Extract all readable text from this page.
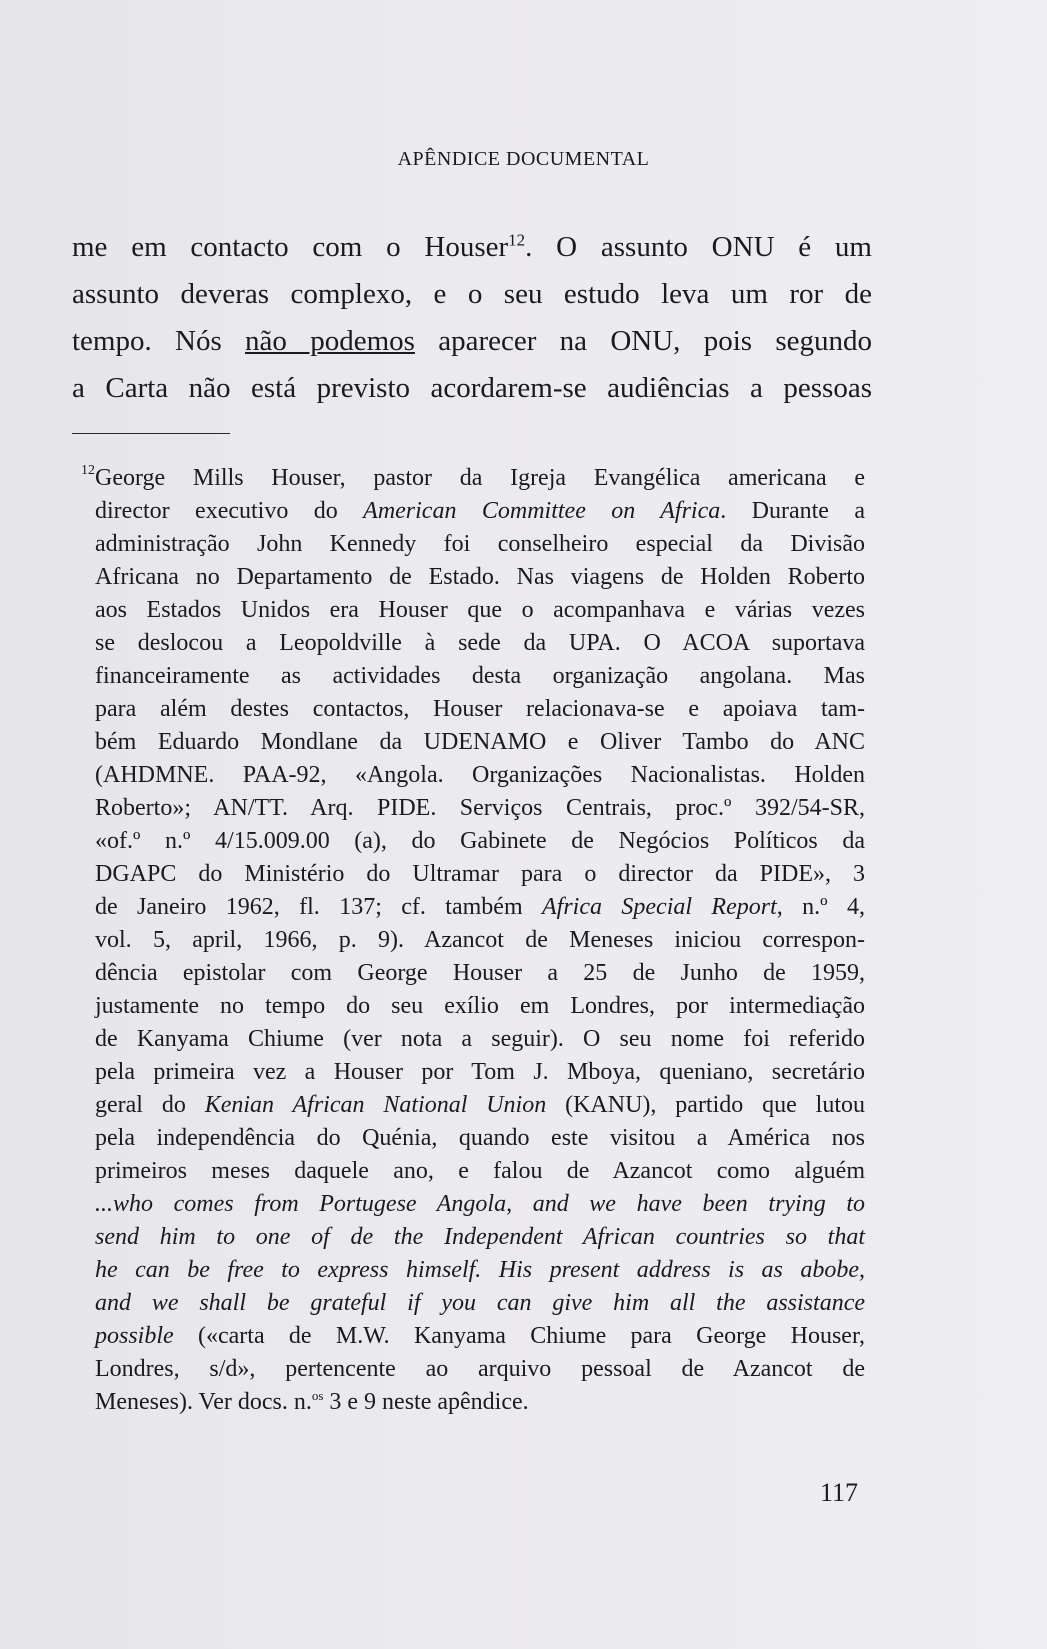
APÊNDICE DOCUMENTAL
me em contacto com o Houser$^{12}$. O assunto ONU é um
assunto deveras complexo, e o seu estudo leva um ror de
tempo. Nós não podemos aparecer na ONU, pois segundo
a Carta não está previsto acordarem-se audiências a pessoas
12 George Mills Houser, pastor da Igreja Evangélica americana e
director executivo do American Committee on Africa. Durante a
administração John Kennedy foi conselheiro especial da Divisão
Africana no Departamento de Estado. Nas viagens de Holden Roberto
aos Estados Unidos era Houser que o acompanhava e várias vezes
se deslocou a Leopoldville à sede da UPA. O ACOA suportava
financeiramente as actividades desta organização angolana. Mas
para além destes contactos, Houser relacionava-se e apoiava tam-
bém Eduardo Mondlane da UDENAMO e Oliver Tambo do ANC
(AHDMNE. PAA-92, «Angola. Organizações Nacionalistas. Holden
Roberto»; AN/TT. Arq. PIDE. Serviços Centrais, proc.º 392/54-SR,
«of.º n.º 4/15.009.00 (a), do Gabinete de Negócios Políticos da
DGAPC do Ministério do Ultramar para o director da PIDE», 3
de Janeiro 1962, fl. 137; cf. também Africa Special Report, n.º 4,
vol. 5, april, 1966, p. 9). Azancot de Meneses iniciou correspon-
dência epistolar com George Houser a 25 de Junho de 1959,
justamente no tempo do seu exílio em Londres, por intermediação
de Kanyama Chiume (ver nota a seguir). O seu nome foi referido
pela primeira vez a Houser por Tom J. Mboya, queniano, secretário
geral do Kenian African National Union (KANU), partido que lutou
pela independência do Quénia, quando este visitou a América nos
primeiros meses daquele ano, e falou de Azancot como alguém
...who comes from Portugese Angola, and we have been trying to
send him to one of de the Independent African countries so that
he can be free to express himself. His present address is as abobe,
and we shall be grateful if you can give him all the assistance
possible («carta de M.W. Kanyama Chiume para George Houser,
Londres, s/d», pertencente ao arquivo pessoal de Azancot de
Meneses). Ver docs. n.$^{os}$ 3 e 9 neste apêndice.
117
